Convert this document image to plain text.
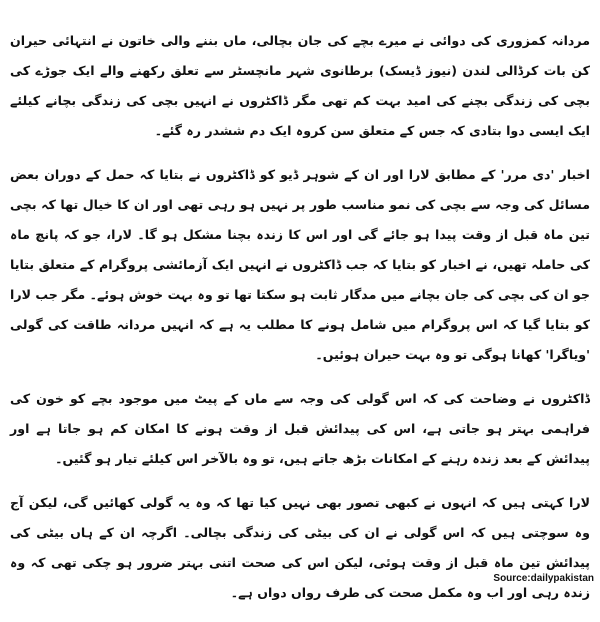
مردانہ کمزوری کی دوائی نے میرے بچے کی جان بچالی، ماں بننے والی خاتون نے انتہائی حیران کن بات کرڈالی لندن (نیوز ڈیسک) برطانوی شہر مانچسٹر سے تعلق رکھنے والے ایک جوڑے کی بچی کی زندگی بچنے کی امید بہت کم تھی مگر ڈاکٹروں نے انہیں بچی کی زندگی بچانے کیلئے ایک ایسی دوا بتادی کہ جس کے متعلق سن کروہ ایک دم ششدر رہ گئے۔

اخبار 'دی مرر' کے مطابق لارا اور ان کے شوہر ڈیو کو ڈاکٹروں نے بتایا کہ حمل کے دوران بعض مسائل کی وجہ سے بچی کی نمو مناسب طور پر نہیں ہو رہی تھی اور ان کا خیال تھا کہ بچی تین ماہ قبل از وقت پیدا ہو جائے گی اور اس کا زندہ بچنا مشکل ہو گا۔ لارا، جو کہ پانچ ماہ کی حاملہ تھیں، نے اخبار کو بتایا کہ جب ڈاکٹروں نے انہیں ایک آزمائشی پروگرام کے متعلق بتایا جو ان کی بچی کی جان بچانے میں مدگار ثابت ہو سکتا تھا تو وہ بہت خوش ہوئے۔ مگر جب لارا کو بتایا گیا کہ اس پروگرام میں شامل ہونے کا مطلب یہ ہے کہ انہیں مردانہ طاقت کی گولی 'ویاگرا' کھانا ہوگی تو وہ بہت حیران ہوئیں۔

ڈاکٹروں نے وضاحت کی کہ اس گولی کی وجہ سے ماں کے پیٹ میں موجود بچے کو خون کی فراہمی بہتر ہو جاتی ہے، اس کی پیدائش قبل از وقت ہونے کا امکان کم ہو جاتا ہے اور پیدائش کے بعد زندہ رہنے کے امکانات بڑھ جاتے ہیں، تو وہ بالآخر اس کیلئے تیار ہو گئیں۔

لارا کہتی ہیں کہ انہوں نے کبھی تصور بھی نہیں کیا تھا کہ وہ یہ گولی کھائیں گی، لیکن آج وہ سوچتی ہیں کہ اس گولی نے ان کی بیٹی کی زندگی بچالی۔ اگرچہ ان کے ہاں بیٹی کی پیدائش تین ماہ قبل از وقت ہوئی، لیکن اس کی صحت اتنی بہتر ضرور ہو چکی تھی کہ وہ زندہ رہی اور اب وہ مکمل صحت کی طرف رواں دواں ہے۔

Source:dailypakistan
